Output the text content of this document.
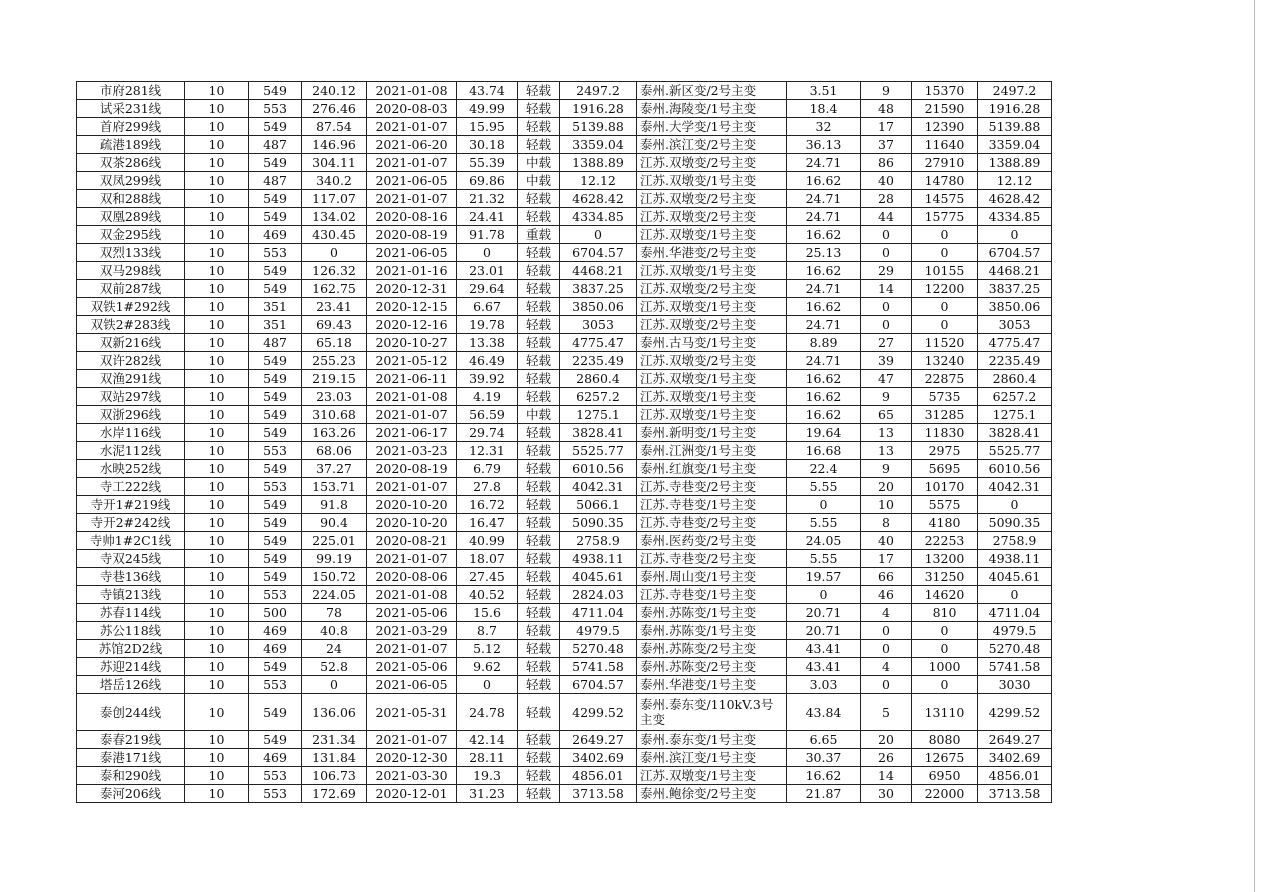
市府281线	10	549	240.12	2021-01-08	43.74	轻载	2497.2	泰州.新区变/2号主变	3.51	9	15370	2497.2
试采231线	10	553	276.46	2020-08-03	49.99	轻载	1916.28	泰州.海陵变/1号主变	18.4	48	21590	1916.28
首府299线	10	549	87.54	2021-01-07	15.95	轻载	5139.88	泰州.大学变/1号主变	32	17	12390	5139.88
疏港189线	10	487	146.96	2021-06-20	30.18	轻载	3359.04	泰州.滨江变/2号主变	36.13	37	11640	3359.04
双茶286线	10	549	304.11	2021-01-07	55.39	中载	1388.89	江苏.双墩变/2号主变	24.71	86	27910	1388.89
双凤299线	10	487	340.2	2021-06-05	69.86	中载	12.12	江苏.双墩变/1号主变	16.62	40	14780	12.12
双和288线	10	549	117.07	2021-01-07	21.32	轻载	4628.42	江苏.双墩变/2号主变	24.71	28	14575	4628.42
双凰289线	10	549	134.02	2020-08-16	24.41	轻载	4334.85	江苏.双墩变/2号主变	24.71	44	15775	4334.85
双金295线	10	469	430.45	2020-08-19	91.78	重载	0	江苏.双墩变/1号主变	16.62	0	0	0
双烈133线	10	553	0	2021-06-05	0	轻载	6704.57	泰州.华港变/2号主变	25.13	0	0	6704.57
双马298线	10	549	126.32	2021-01-16	23.01	轻载	4468.21	江苏.双墩变/1号主变	16.62	29	10155	4468.21
双前287线	10	549	162.75	2020-12-31	29.64	轻载	3837.25	江苏.双墩变/2号主变	24.71	14	12200	3837.25
双铁1#292线	10	351	23.41	2020-12-15	6.67	轻载	3850.06	江苏.双墩变/1号主变	16.62	0	0	3850.06
双铁2#283线	10	351	69.43	2020-12-16	19.78	轻载	3053	江苏.双墩变/2号主变	24.71	0	0	3053
双新216线	10	487	65.18	2020-10-27	13.38	轻载	4775.47	泰州.古马变/1号主变	8.89	27	11520	4775.47
双许282线	10	549	255.23	2021-05-12	46.49	轻载	2235.49	江苏.双墩变/2号主变	24.71	39	13240	2235.49
双渔291线	10	549	219.15	2021-06-11	39.92	轻载	2860.4	江苏.双墩变/1号主变	16.62	47	22875	2860.4
双站297线	10	549	23.03	2021-01-08	4.19	轻载	6257.2	江苏.双墩变/1号主变	16.62	9	5735	6257.2
双浙296线	10	549	310.68	2021-01-07	56.59	中载	1275.1	江苏.双墩变/1号主变	16.62	65	31285	1275.1
水岸116线	10	549	163.26	2021-06-17	29.74	轻载	3828.41	泰州.新明变/1号主变	19.64	13	11830	3828.41
水泥112线	10	553	68.06	2021-03-23	12.31	轻载	5525.77	泰州.江洲变/1号主变	16.68	13	2975	5525.77
水映252线	10	549	37.27	2020-08-19	6.79	轻载	6010.56	泰州.红旗变/1号主变	22.4	9	5695	6010.56
寺工222线	10	553	153.71	2021-01-07	27.8	轻载	4042.31	江苏.寺巷变/2号主变	5.55	20	10170	4042.31
寺开1#219线	10	549	91.8	2020-10-20	16.72	轻载	5066.1	江苏.寺巷变/1号主变	0	10	5575	0
寺开2#242线	10	549	90.4	2020-10-20	16.47	轻载	5090.35	江苏.寺巷变/2号主变	5.55	8	4180	5090.35
寺帅1#2C1线	10	549	225.01	2020-08-21	40.99	轻载	2758.9	泰州.医药变/2号主变	24.05	40	22253	2758.9
寺双245线	10	549	99.19	2021-01-07	18.07	轻载	4938.11	江苏.寺巷变/2号主变	5.55	17	13200	4938.11
寺巷136线	10	549	150.72	2020-08-06	27.45	轻载	4045.61	泰州.周山变/1号主变	19.57	66	31250	4045.61
寺镇213线	10	553	224.05	2021-01-08	40.52	轻载	2824.03	江苏.寺巷变/1号主变	0	46	14620	0
苏春114线	10	500	78	2021-05-06	15.6	轻载	4711.04	泰州.苏陈变/1号主变	20.71	4	810	4711.04
苏公118线	10	469	40.8	2021-03-29	8.7	轻载	4979.5	泰州.苏陈变/1号主变	20.71	0	0	4979.5
苏馆2D2线	10	469	24	2021-01-07	5.12	轻载	5270.48	泰州.苏陈变/2号主变	43.41	0	0	5270.48
苏迎214线	10	549	52.8	2021-05-06	9.62	轻载	5741.58	泰州.苏陈变/2号主变	43.41	4	1000	5741.58
塔岳126线	10	553	0	2021-06-05	0	轻载	6704.57	泰州.华港变/1号主变	3.03	0	0	3030
泰创244线	10	549	136.06	2021-05-31	24.78	轻载	4299.52	泰州.泰东变/110kV.3号主变	43.84	5	13110	4299.52
泰春219线	10	549	231.34	2021-01-07	42.14	轻载	2649.27	泰州.泰东变/1号主变	6.65	20	8080	2649.27
泰港171线	10	469	131.84	2020-12-30	28.11	轻载	3402.69	泰州.滨江变/1号主变	30.37	26	12675	3402.69
泰和290线	10	553	106.73	2021-03-30	19.3	轻载	4856.01	江苏.双墩变/1号主变	16.62	14	6950	4856.01
泰河206线	10	553	172.69	2020-12-01	31.23	轻载	3713.58	泰州.鲍徐变/2号主变	21.87	30	22000	3713.58
